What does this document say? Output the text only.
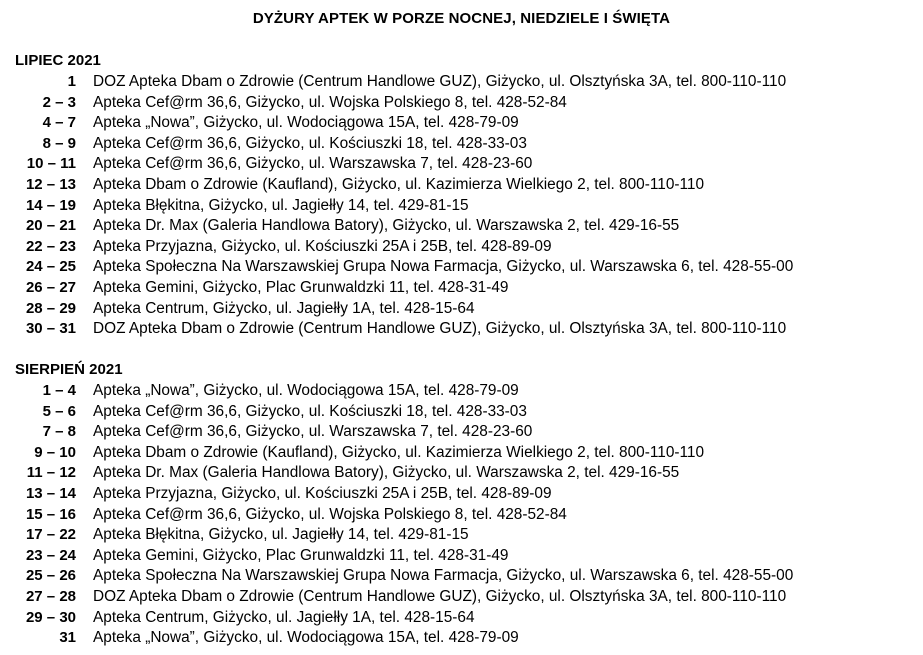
DYŻURY APTEK W PORZE NOCNEJ, NIEDZIELE I ŚWIĘTA
LIPIEC 2021
1	DOZ Apteka Dbam o Zdrowie (Centrum Handlowe GUZ), Giżycko, ul. Olsztyńska 3A, tel. 800-110-110
2 – 3	Apteka Cef@rm 36,6, Giżycko, ul. Wojska Polskiego 8, tel. 428-52-84
4 – 7	Apteka „Nowa”, Giżycko, ul. Wodociągowa 15A, tel. 428-79-09
8 – 9	Apteka Cef@rm 36,6, Giżycko, ul. Kościuszki 18, tel. 428-33-03
10 – 11	Apteka Cef@rm 36,6, Giżycko, ul. Warszawska 7, tel. 428-23-60
12 – 13	Apteka Dbam o Zdrowie (Kaufland), Giżycko, ul. Kazimierza Wielkiego 2, tel. 800-110-110
14 – 19	Apteka Błękitna, Giżycko, ul. Jagiełły 14, tel. 429-81-15
20 – 21	Apteka Dr. Max (Galeria Handlowa Batory), Giżycko, ul. Warszawska 2, tel. 429-16-55
22 – 23	Apteka Przyjazna, Giżycko, ul. Kościuszki 25A i 25B, tel. 428-89-09
24 – 25	Apteka Społeczna Na Warszawskiej Grupa Nowa Farmacja, Giżycko, ul. Warszawska 6, tel. 428-55-00
26 – 27	Apteka Gemini, Giżycko, Plac Grunwaldzki 11, tel. 428-31-49
28 – 29	Apteka Centrum, Giżycko, ul. Jagiełły 1A, tel. 428-15-64
30 – 31	DOZ Apteka Dbam o Zdrowie (Centrum Handlowe GUZ), Giżycko, ul. Olsztyńska 3A, tel. 800-110-110
SIERPIEŃ 2021
1 – 4	Apteka „Nowa”, Giżycko, ul. Wodociągowa 15A, tel. 428-79-09
5 – 6	Apteka Cef@rm 36,6, Giżycko, ul. Kościuszki 18, tel. 428-33-03
7 – 8	Apteka Cef@rm 36,6, Giżycko, ul. Warszawska 7, tel. 428-23-60
9 – 10	Apteka Dbam o Zdrowie (Kaufland), Giżycko, ul. Kazimierza Wielkiego 2, tel. 800-110-110
11 – 12	Apteka Dr. Max (Galeria Handlowa Batory), Giżycko, ul. Warszawska 2, tel. 429-16-55
13 – 14	Apteka Przyjazna, Giżycko, ul. Kościuszki 25A i 25B, tel. 428-89-09
15 – 16	Apteka Cef@rm 36,6, Giżycko, ul. Wojska Polskiego 8, tel. 428-52-84
17 – 22	Apteka Błękitna, Giżycko, ul. Jagiełły 14, tel. 429-81-15
23 – 24	Apteka Gemini, Giżycko, Plac Grunwaldzki 11, tel. 428-31-49
25 – 26	Apteka Społeczna Na Warszawskiej Grupa Nowa Farmacja, Giżycko, ul. Warszawska 6, tel. 428-55-00
27 – 28	DOZ Apteka Dbam o Zdrowie (Centrum Handlowe GUZ), Giżycko, ul. Olsztyńska 3A, tel. 800-110-110
29 – 30	Apteka Centrum, Giżycko, ul. Jagiełły 1A, tel. 428-15-64
31	Apteka „Nowa”, Giżycko, ul. Wodociągowa 15A, tel. 428-79-09
